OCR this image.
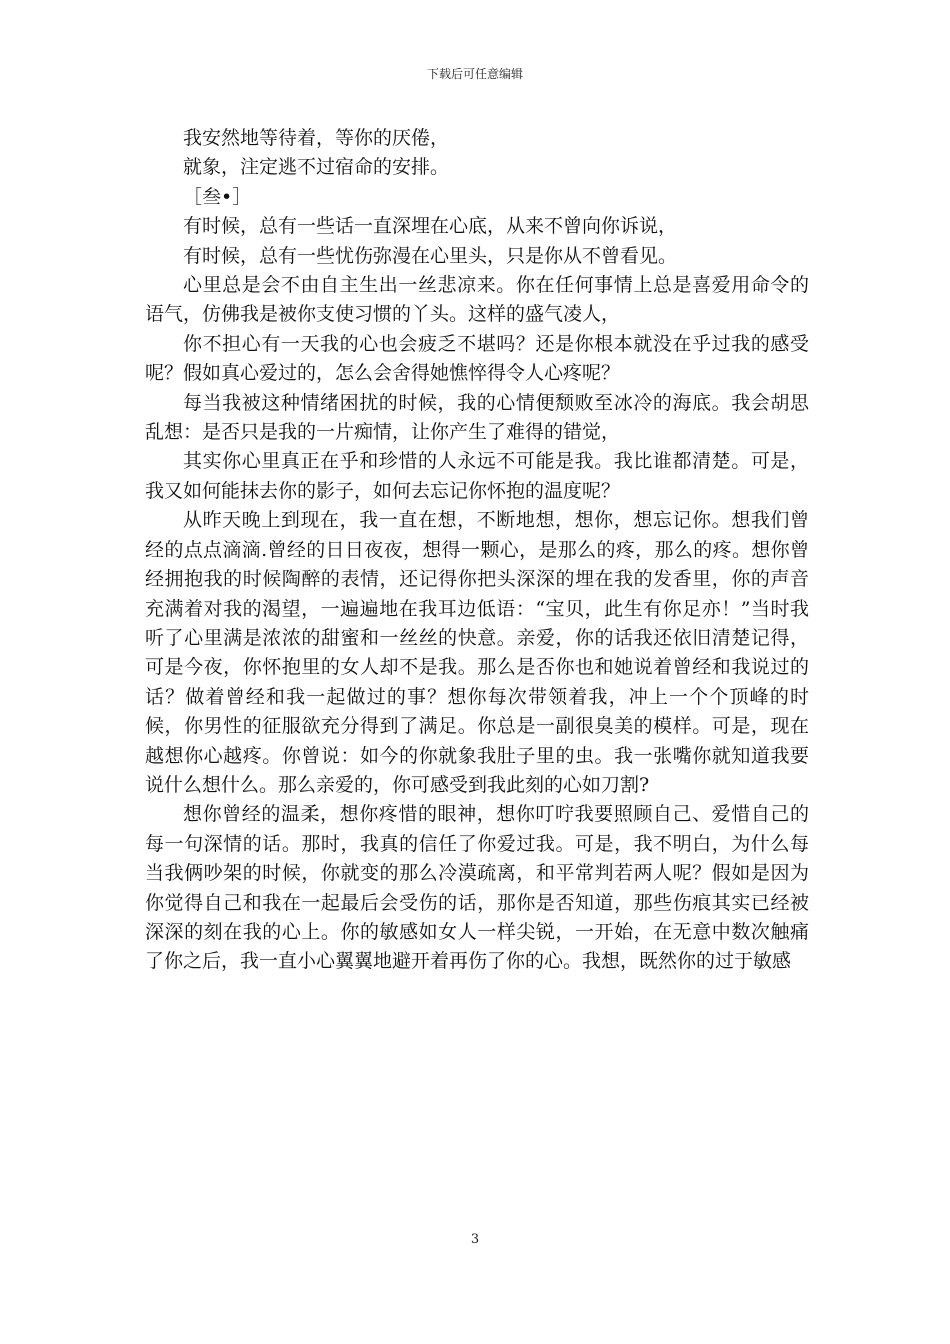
下载后可任意编辑

我安然地等待着，等你的厌倦，

就象，注定逃不过宿命的安排。

［叁•］

有时候，总有一些话一直深埋在心底，从来不曾向你诉说，

有时候，总有一些忧伤弥漫在心里头，只是你从不曾看见。

心里总是会不由自主生出一丝悲凉来。你在任何事情上总是喜爱用命令的语气，仿佛我是被你支使习惯的丫头。这样的盛气凌人，

你不担心有一天我的心也会疲乏不堪吗？还是你根本就没在乎过我的感受呢？假如真心爱过的，怎么会舍得她憔悴得令人心疼呢？

每当我被这种情绪困扰的时候，我的心情便颓败至冰冷的海底。我会胡思乱想：是否只是我的一片痴情，让你产生了难得的错觉，

其实你心里真正在乎和珍惜的人永远不可能是我。我比谁都清楚。可是，我又如何能抹去你的影子，如何去忘记你怀抱的温度呢？

从昨天晚上到现在，我一直在想，不断地想，想你，想忘记你。想我们曾经的点点滴滴.曾经的日日夜夜，想得一颗心，是那么的疼，那么的疼。想你曾经拥抱我的时候陶醉的表情，还记得你把头深深的埋在我的发香里，你的声音充满着对我的渴望，一遍遍地在我耳边低语：“宝贝，此生有你足亦！”当时我听了心里满是浓浓的甜蜜和一丝丝的快意。亲爱，你的话我还依旧清楚记得，可是今夜，你怀抱里的女人却不是我。那么是否你也和她说着曾经和我说过的话？做着曾经和我一起做过的事？想你每次带领着我，冲上一个个顶峰的时候，你男性的征服欲充分得到了满足。你总是一副很臭美的模样。可是，现在越想你心越疼。你曾说：如今的你就象我肚子里的虫。我一张嘴你就知道我要说什么想什么。那么亲爱的，你可感受到我此刻的心如刀割?

想你曾经的温柔，想你疼惜的眼神，想你叮咛我要照顾自己、爱惜自己的每一句深情的话。那时，我真的信任了你爱过我。可是，我不明白，为什么每当我俩吵架的时候，你就变的那么冷漠疏离，和平常判若两人呢？假如是因为你觉得自己和我在一起最后会受伤的话，那你是否知道，那些伤痕其实已经被深深的刻在我的心上。你的敏感如女人一样尖锐，一开始，在无意中数次触痛了你之后，我一直小心翼翼地避开着再伤了你的心。我想，既然你的过于敏感

3
